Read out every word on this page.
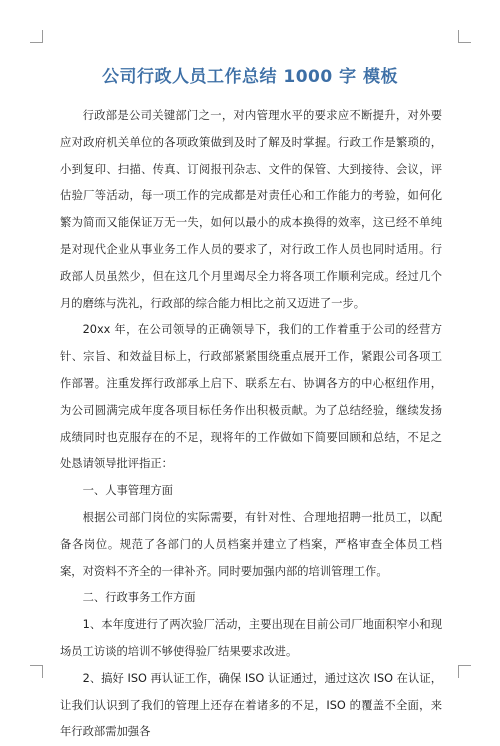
公司行政人员工作总结 1000 字 模板

行政部是公司关键部门之一，对内管理水平的要求应不断提升，对外要应对政府机关单位的各项政策做到及时了解及时掌握。行政工作是繁琐的，小到复印、扫描、传真、订阅报刊杂志、文件的保管、大到接待、会议，评估验厂等活动，每一项工作的完成都是对责任心和工作能力的考验，如何化繁为简而又能保证万无一失，如何以最小的成本换得的效率，这已经不单纯是对现代企业从事业务工作人员的要求了，对行政工作人员也同时适用。行政部人员虽然少，但在这几个月里竭尽全力将各项工作顺利完成。经过几个月的磨练与洗礼，行政部的综合能力相比之前又迈进了一步。

20xx 年，在公司领导的正确领导下，我们的工作着重于公司的经营方针、宗旨、和效益目标上，行政部紧紧围绕重点展开工作，紧跟公司各项工作部署。注重发挥行政部承上启下、联系左右、协调各方的中心枢纽作用，为公司圆满完成年度各项目标任务作出积极贡献。为了总结经验，继续发扬成绩同时也克服存在的不足，现将年的工作做如下简要回顾和总结，不足之处恳请领导批评指正：

一、人事管理方面

根据公司部门岗位的实际需要，有针对性、合理地招聘一批员工，以配备各岗位。规范了各部门的人员档案并建立了档案，严格审查全体员工档案，对资料不齐全的一律补齐。同时要加强内部的培训管理工作。

二、行政事务工作方面

1、本年度进行了两次验厂活动，主要出现在目前公司厂地面积窄小和现场员工访谈的培训不够使得验厂结果要求改进。

2、搞好 ISO 再认证工作，确保 ISO 认证通过，通过这次 ISO 在认证，让我们认识到了我们的管理上还存在着诸多的不足，ISO 的覆盖不全面，来年行政部需加强各
